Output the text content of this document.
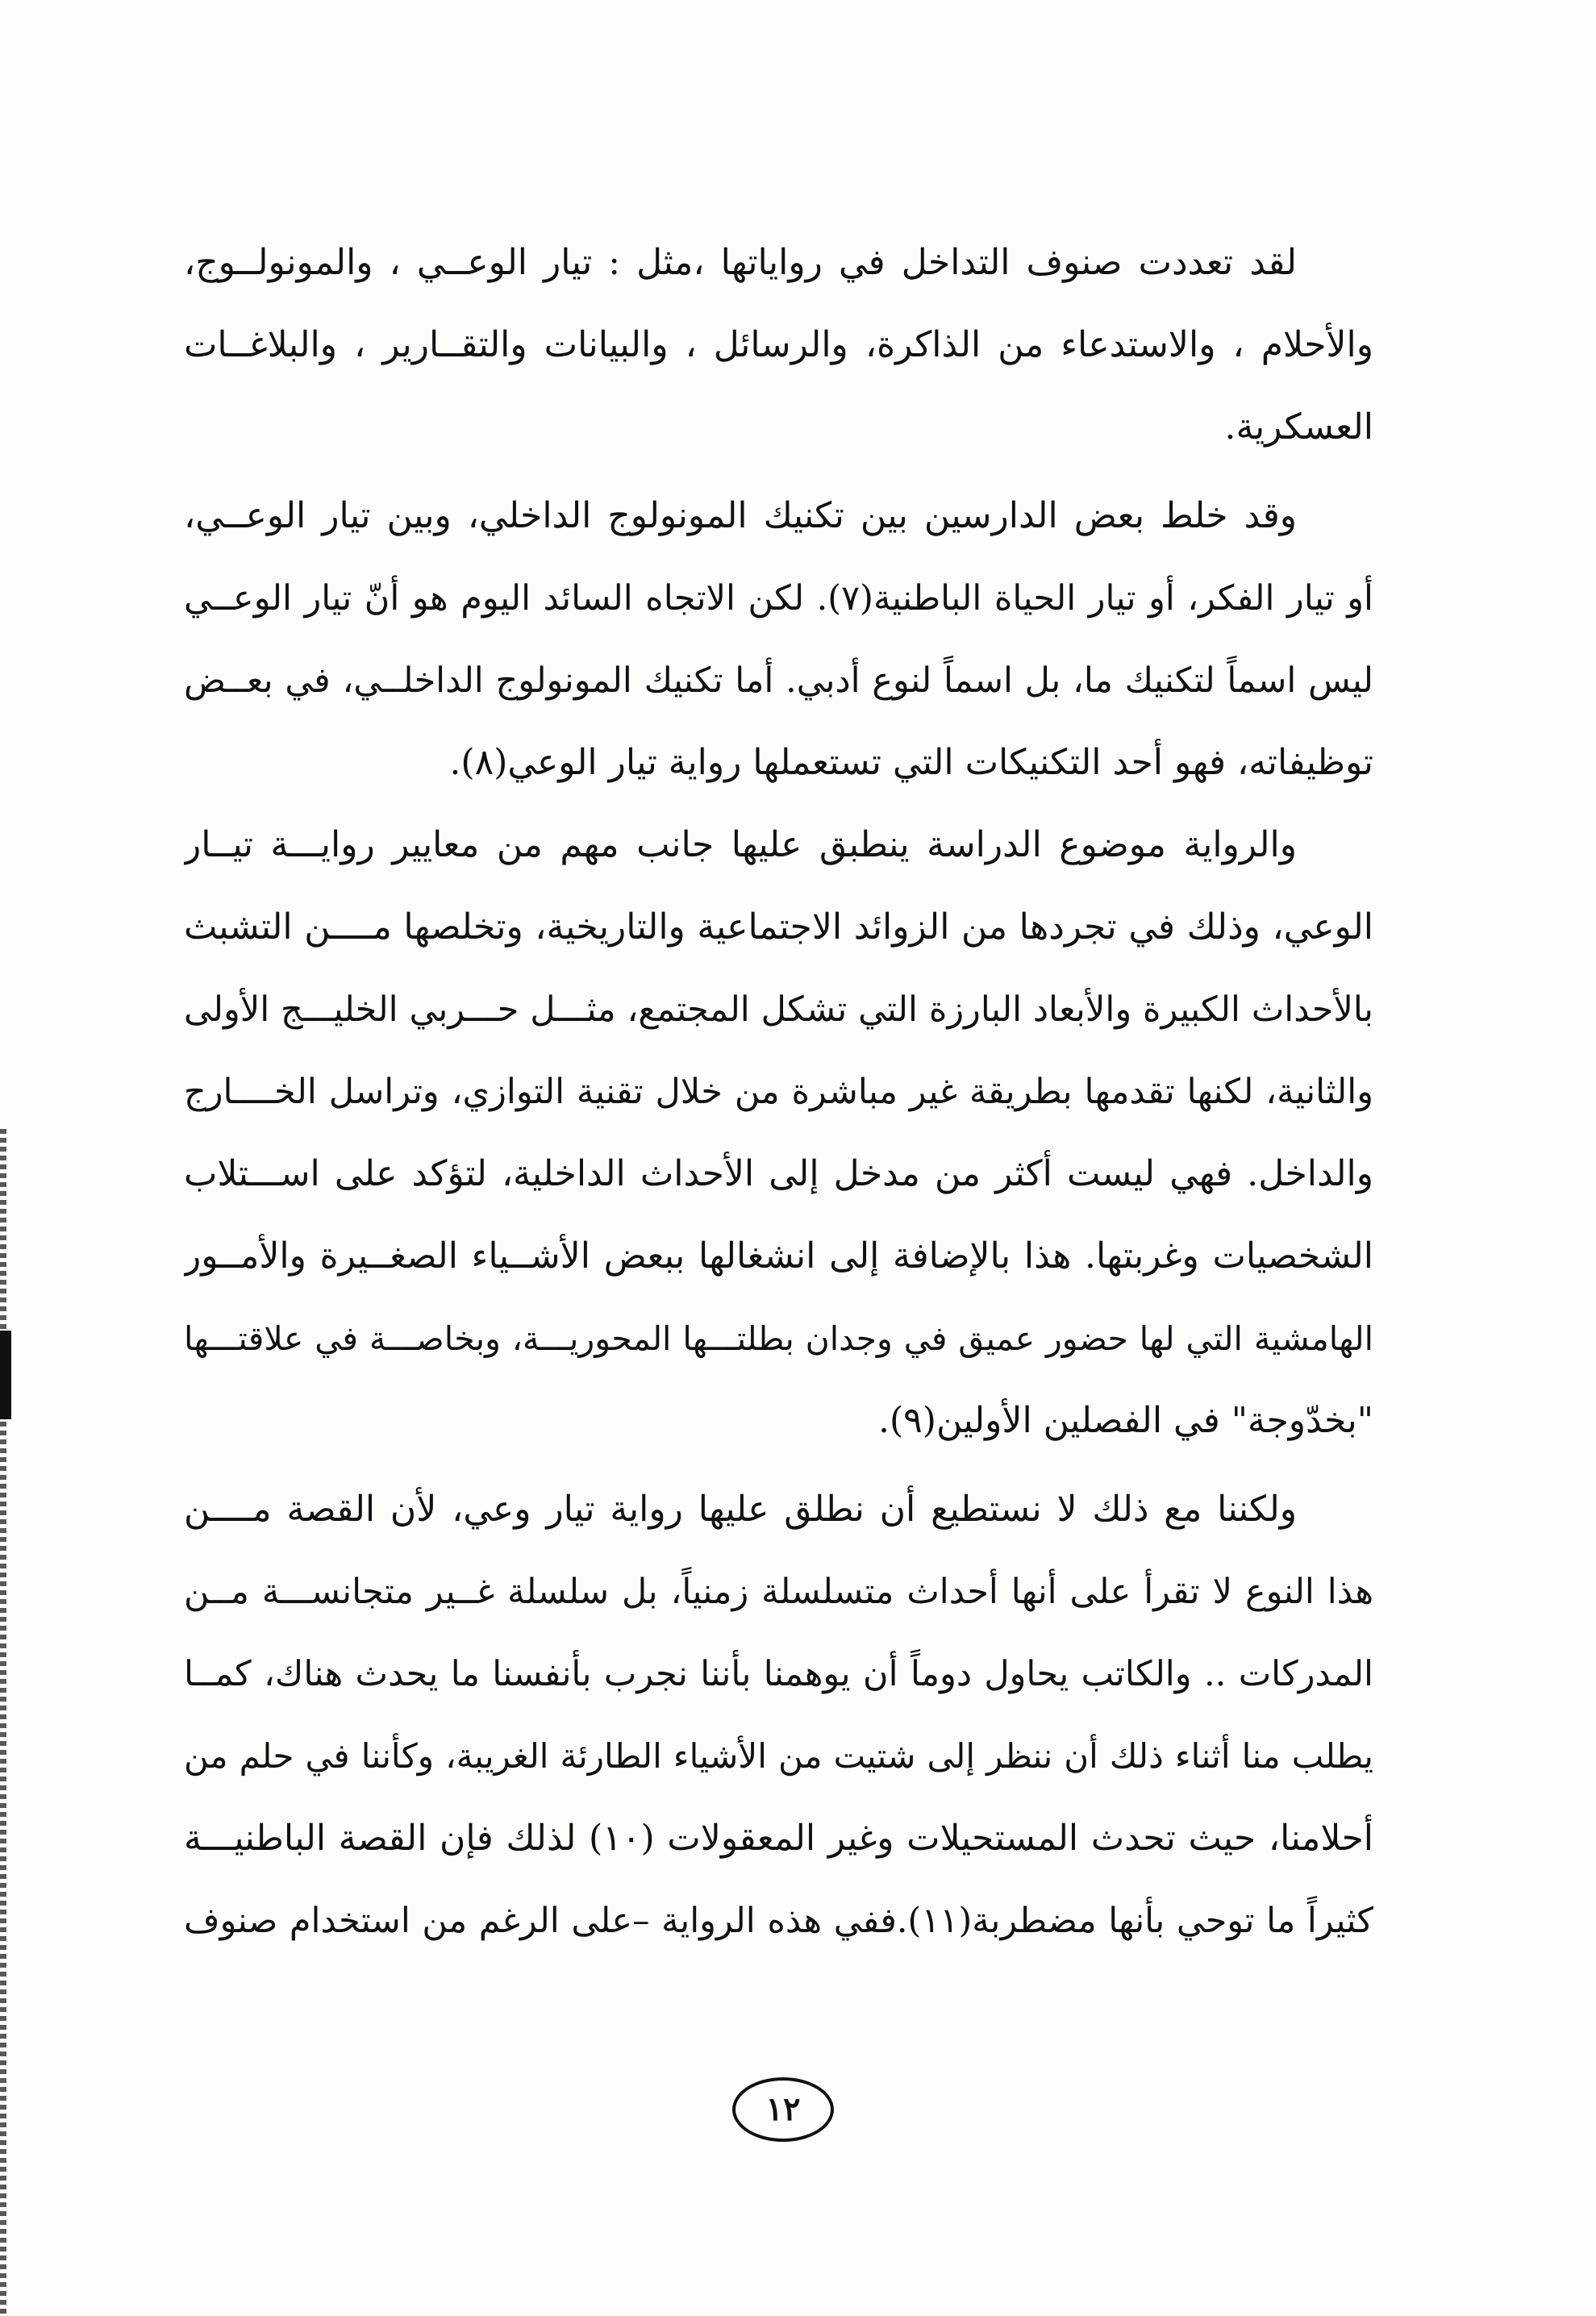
لقد تعددت صنوف التداخل في رواياتها ،مثل : تيار الوعــي ، والمونولــوج،
والأحلام ، والاستدعاء من الذاكرة، والرسائل ، والبيانات والتقــارير ، والبلاغــات
العسكرية.
وقد خلط بعض الدارسين بين تكنيك المونولوج الداخلي، وبين تيار الوعــي،
أو تيار الفكر، أو تيار الحياة الباطنية(٧). لكن الاتجاه السائد اليوم هو أنّ تيار الوعــي
ليس اسماً لتكنيك ما، بل اسماً لنوع أدبي. أما تكنيك المونولوج الداخلــي، في بعــض
توظيفاته، فهو أحد التكنيكات التي تستعملها رواية تيار الوعي(٨).
والرواية موضوع الدراسة ينطبق عليها جانب مهم من معايير روايـــة تيــار
الوعي، وذلك في تجردها من الزوائد الاجتماعية والتاريخية، وتخلصها مــــن التشبث
بالأحداث الكبيرة والأبعاد البارزة التي تشكل المجتمع، مثـــل حـــربي الخليـــج الأولى
والثانية، لكنها تقدمها بطريقة غير مباشرة من خلال تقنية التوازي، وتراسل الخــــارج
والداخل. فهي ليست أكثر من مدخل إلى الأحداث الداخلية، لتؤكد على اســـتلاب
الشخصيات وغربتها. هذا بالإضافة إلى انشغالها ببعض الأشــياء الصغــيرة والأمــور
الهامشية التي لها حضور عميق في وجدان بطلتـــها المحوريـــة، وبخاصـــة في علاقتـــها
"بخدّوجة" في الفصلين الأولين(٩).
ولكننا مع ذلك لا نستطيع أن نطلق عليها رواية تيار وعي، لأن القصة مــــن
هذا النوع لا تقرأ على أنها أحداث متسلسلة زمنياً، بل سلسلة غــير متجانســـة مــن
المدركات .. والكاتب يحاول دوماً أن يوهمنا بأننا نجرب بأنفسنا ما يحدث هناك، كمــا
يطلب منا أثناء ذلك أن ننظر إلى شتيت من الأشياء الطارئة الغريبة، وكأننا في حلم من
أحلامنا، حيث تحدث المستحيلات وغير المعقولات (١٠) لذلك فإن القصة الباطنيـــة
كثيراً ما توحي بأنها مضطربة(١١).ففي هذه الرواية –على الرغم من استخدام صنوف
١٢
